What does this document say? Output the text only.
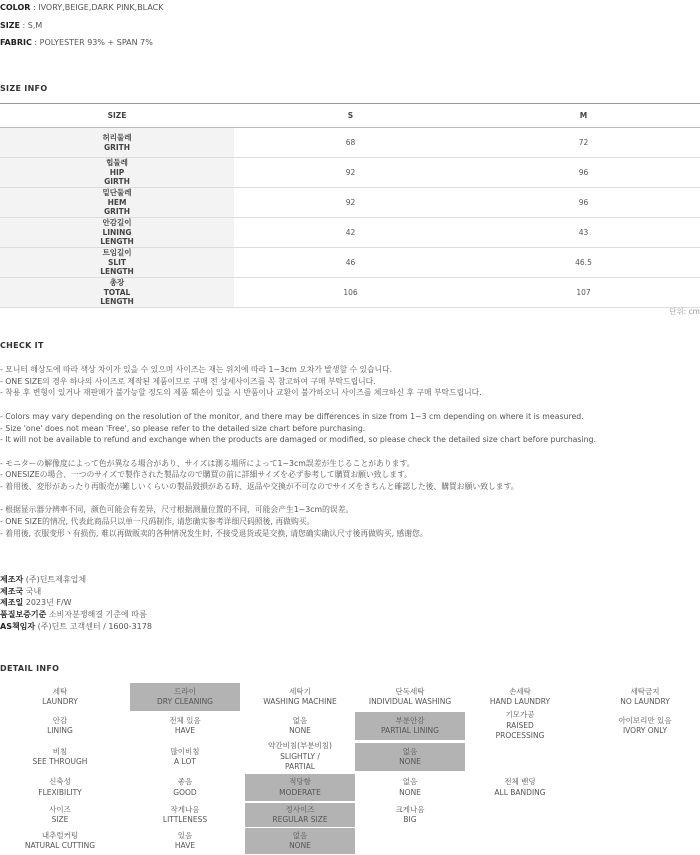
COLOR : IVORY,BEIGE,DARK PINK,BLACK
SIZE : S,M
FABRIC : POLYESTER 93% + SPAN 7%
SIZE INFO
SIZE	S	M

허리둘레
GRITH	68	72

힙둘레
HIP
GIRTH	92	96

밑단둘레
HEM
GRITH	92	96

안감길이
LINING
LENGTH	42	43

트임길이
SLIT
LENGTH	46	46.5

총장
TOTAL
LENGTH	106	107
단위: cm
CHECK IT
- 모니터 해상도에 따라 색상 차이가 있을 수 있으며 사이즈는 재는 위치에 따라 1~3cm 오차가 발생할 수 있습니다.
- ONE SIZE의 경우 하나의 사이즈로 제작된 제품이므로 구매 전 상세사이즈를 꼭 참고하여 구매 부탁드립니다.
- 착용 후 변형이 있거나 재판매가 불가능할 정도의 제품 훼손이 있을 시 반품이나 교환이 불가하오니 사이즈를 체크하신 후 구매 부탁드립니다.
- Colors may vary depending on the resolution of the monitor, and there may be differences in size from 1~3 cm depending on where it is measured.
- Size 'one' does not mean 'Free', so please refer to the detailed size chart before purchasing.
- It will not be available to refund and exchange when the products are damaged or modified, so please check the detailed size chart before purchasing.
- モニターの解像度によって色が異なる場合があり、サイズは測る場所によって1~3cm誤差が生じることがあります。
- ONESIZEの場合、一つのサイズで製作された製品なので購買の前に詳細サイズを必ず参考して購買お願い致します。
- 着用後、変形があったり再販売が難しいくらいの製品毀損がある時、返品や交換が不可なのでサイズをきちんと確認した後、購買お願い致します。
- 根据显示器分辨率不同，颜色可能会有差异，尺寸根据测量位置的不同，可能会产生1~3cm的误差。
- ONE SIZE的情况, 代表此商品只以单一尺码制作, 请您确实参考详细尺码照後, 再做购买。
- 着用後, 衣服变形丶有损伤, 难以再做贩卖的各种情况发生时, 不接受退货或是交换, 请您确实确认尺寸後再做购买, 感谢您。
제조자 (주)딘트제휴업체
제조국 국내
제조일 2023년 F/W
품질보증기준 소비자분쟁해결 기준에 따름
AS책임자 (주)딘트 고객센터 / 1600-3178
DETAIL INFO
세탁
LAUNDRY
드라이
DRY CLEANING
세탁기
WASHING MACHINE
단독세탁
INDIVIDUAL WASHING
손세탁
HAND LAUNDRY
세탁금지
NO LAUNDRY
안감
LINING
전체 있음
HAVE
없음
NONE
부분안감
PARTIAL LINING
기모가공
RAISED
PROCESSING
아이보리만 있음
IVORY ONLY
비침
SEE THROUGH
많이비침
A LOT
약간비침(부분비침)
SLIGHTLY /
PARTIAL
없음
NONE
신축성
FLEXIBILITY
좋음
GOOD
적당함
MODERATE
없음
NONE
전체 밴딩
ALL BANDING
사이즈
SIZE
작게나옴
LITTLENESS
정사이즈
REGULAR SIZE
크게나옴
BIG
내추럴커팅
NATURAL CUTTING
있음
HAVE
없음
NONE
